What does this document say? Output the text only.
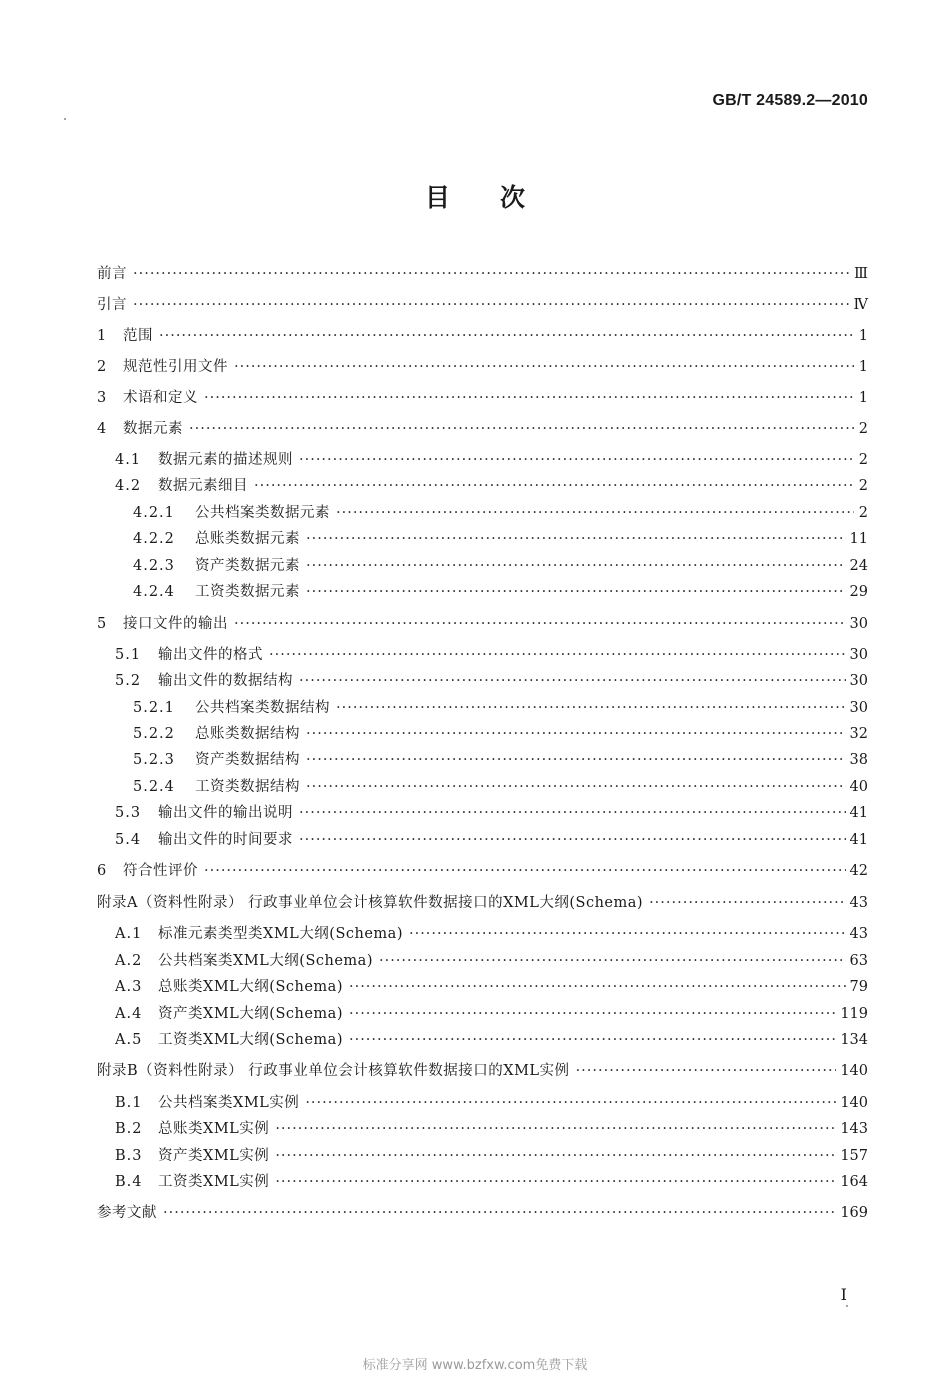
GB/T 24589.2—2010
目次
前言 ·····	Ⅲ
引言 ·····	Ⅳ
1	范围 ·····	1
2	规范性引用文件 ·····	1
3	术语和定义 ·····	1
4	数据元素 ·····	2
4.1	数据元素的描述规则 ·····	2
4.2	数据元素细目 ·····	2
4.2.1	公共档案类数据元素 ·····	2
4.2.2	总账类数据元素 ·····	11
4.2.3	资产类数据元素 ·····	24
4.2.4	工资类数据元素 ·····	29
5	接口文件的输出 ·····	30
5.1	输出文件的格式 ·····	30
5.2	输出文件的数据结构 ·····	30
5.2.1	公共档案类数据结构 ·····	30
5.2.2	总账类数据结构 ·····	32
5.2.3	资产类数据结构 ·····	38
5.2.4	工资类数据结构 ·····	40
5.3	输出文件的输出说明 ·····	41
5.4	输出文件的时间要求 ·····	41
6	符合性评价 ·····	42
附录A（资料性附录） 行政事业单位会计核算软件数据接口的XML大纲(Schema) ·····	43
A.1	标准元素类型类XML大纲(Schema) ·····	43
A.2	公共档案类XML大纲(Schema) ·····	63
A.3	总账类XML大纲(Schema) ·····	79
A.4	资产类XML大纲(Schema) ·····	119
A.5	工资类XML大纲(Schema) ·····	134
附录B（资料性附录） 行政事业单位会计核算软件数据接口的XML实例 ·····	140
B.1	公共档案类XML实例 ·····	140
B.2	总账类XML实例 ·····	143
B.3	资产类XML实例 ·····	157
B.4	工资类XML实例 ·····	164
参考文献 ·····	169
I
标准分享网 www.bzfxw.com免费下载
